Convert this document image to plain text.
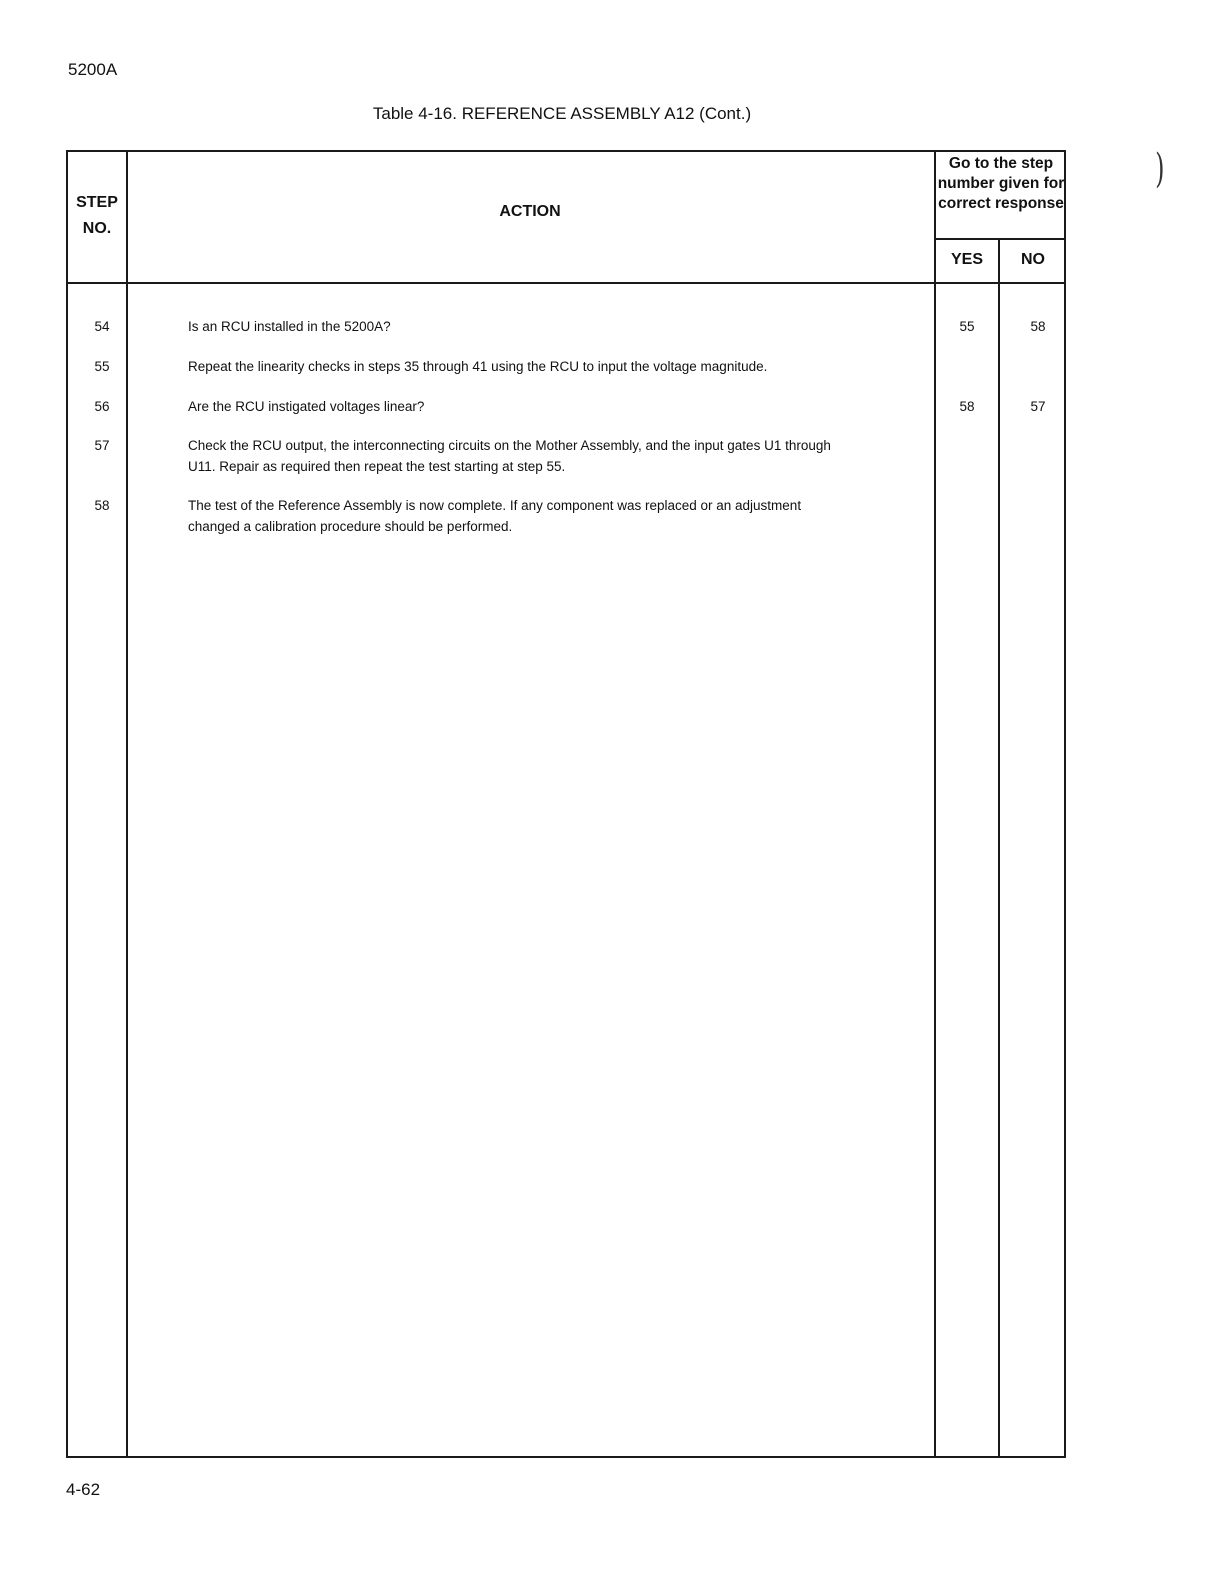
5200A
Table 4-16. REFERENCE ASSEMBLY A12 (Cont.)
)
STEP
NO.
ACTION
Go to the step number given for correct response
YES	NO
54	Is an RCU installed in the 5200A?	55	58
55	Repeat the linearity checks in steps 35 through 41 using the RCU to input the voltage magnitude.
56	Are the RCU instigated voltages linear?	58	57
57	Check the RCU output, the interconnecting circuits on the Mother Assembly, and the input gates U1 through U11. Repair as required then repeat the test starting at step 55.
58	The test of the Reference Assembly is now complete. If any component was replaced or an adjustment changed a calibration procedure should be performed.
4-62
